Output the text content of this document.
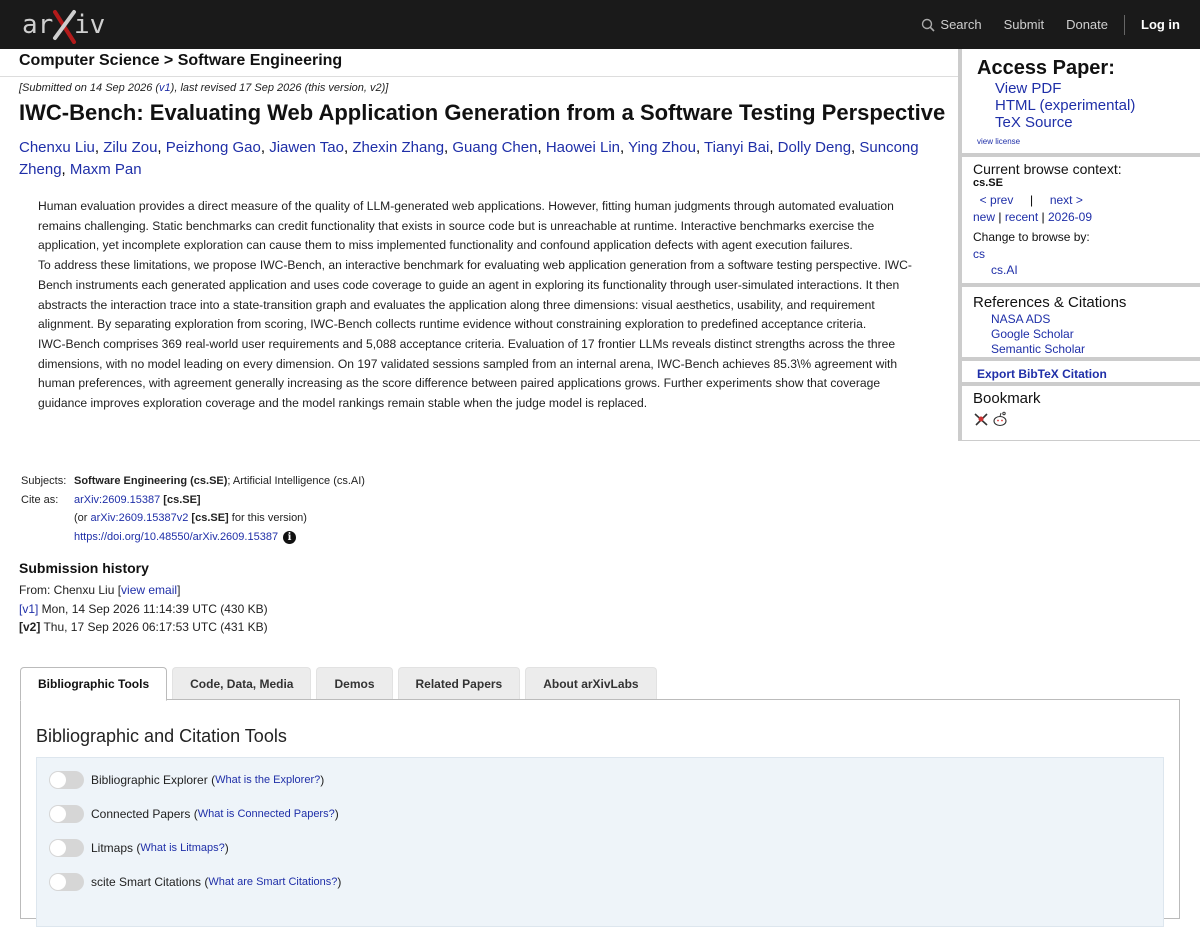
ar iv	Search Submit Donate	Log in
Computer Science > Software Engineering
[Submitted on 14 Sep 2026 (v1), last revised 17 Sep 2026 (this version, v2)]
IWC-Bench: Evaluating Web Application Generation from a Software Testing Perspective
Chenxu Liu, Zilu Zou, Peizhong Gao, Jiawen Tao, Zhexin Zhang, Guang Chen, Haowei Lin, Ying Zhou, Tianyi Bai, Dolly Deng, Suncong Zheng, Maxm Pan

Human evaluation provides a direct measure of the quality of LLM-generated web applications. However, fitting human judgments through automated evaluation remains challenging. Static benchmarks can credit functionality that exists in source code but is unreachable at runtime. Interactive benchmarks exercise the application, yet incomplete exploration can cause them to miss implemented functionality and confound application defects with agent execution failures.

To address these limitations, we propose IWC-Bench, an interactive benchmark for evaluating web application generation from a software testing perspective. IWC-Bench instruments each generated application and uses code coverage to guide an agent in exploring its functionality through user-simulated interactions. It then abstracts the interaction trace into a state-transition graph and evaluates the application along three dimensions: visual aesthetics, usability, and requirement alignment. By separating exploration from scoring, IWC-Bench collects runtime evidence without constraining exploration to predefined acceptance criteria.

IWC-Bench comprises 369 real-world user requirements and 5,088 acceptance criteria. Evaluation of 17 frontier LLMs reveals distinct strengths across the three dimensions, with no model leading on every dimension. On 197 validated sessions sampled from an internal arena, IWC-Bench achieves 85.3\% agreement with human preferences, with agreement generally increasing as the score difference between paired applications grows. Further experiments show that coverage guidance improves exploration coverage and the model rankings remain stable when the judge model is replaced.

Subjects:	Software Engineering (cs.SE); Artificial Intelligence (cs.AI)
Cite as:	arXiv:2609.15387 [cs.SE]
	(or arXiv:2609.15387v2 [cs.SE] for this version)
	https://doi.org/10.48550/arXiv.2609.15387 i
Submission history
From: Chenxu Liu [view email]
[v1] Mon, 14 Sep 2026 11:14:39 UTC (430 KB)
[v2] Thu, 17 Sep 2026 06:17:53 UTC (431 KB)
Access Paper:
View PDF
HTML (experimental)
TeX Source
view license
Current browse context:
cs.SE
< prev | next >
new | recent | 2026-09
Change to browse by:
cs
cs.AI
References & Citations
NASA ADS
Google Scholar
Semantic Scholar
Export BibTeX Citation
Bookmark
Bibliographic Tools	Code, Data, Media	Demos	Related Papers	About arXivLabs
Bibliographic and Citation Tools
Bibliographic Explorer ( What is the Explorer? )
Connected Papers ( What is Connected Papers? )
Litmaps ( What is Litmaps? )
scite Smart Citations ( What are Smart Citations? )
